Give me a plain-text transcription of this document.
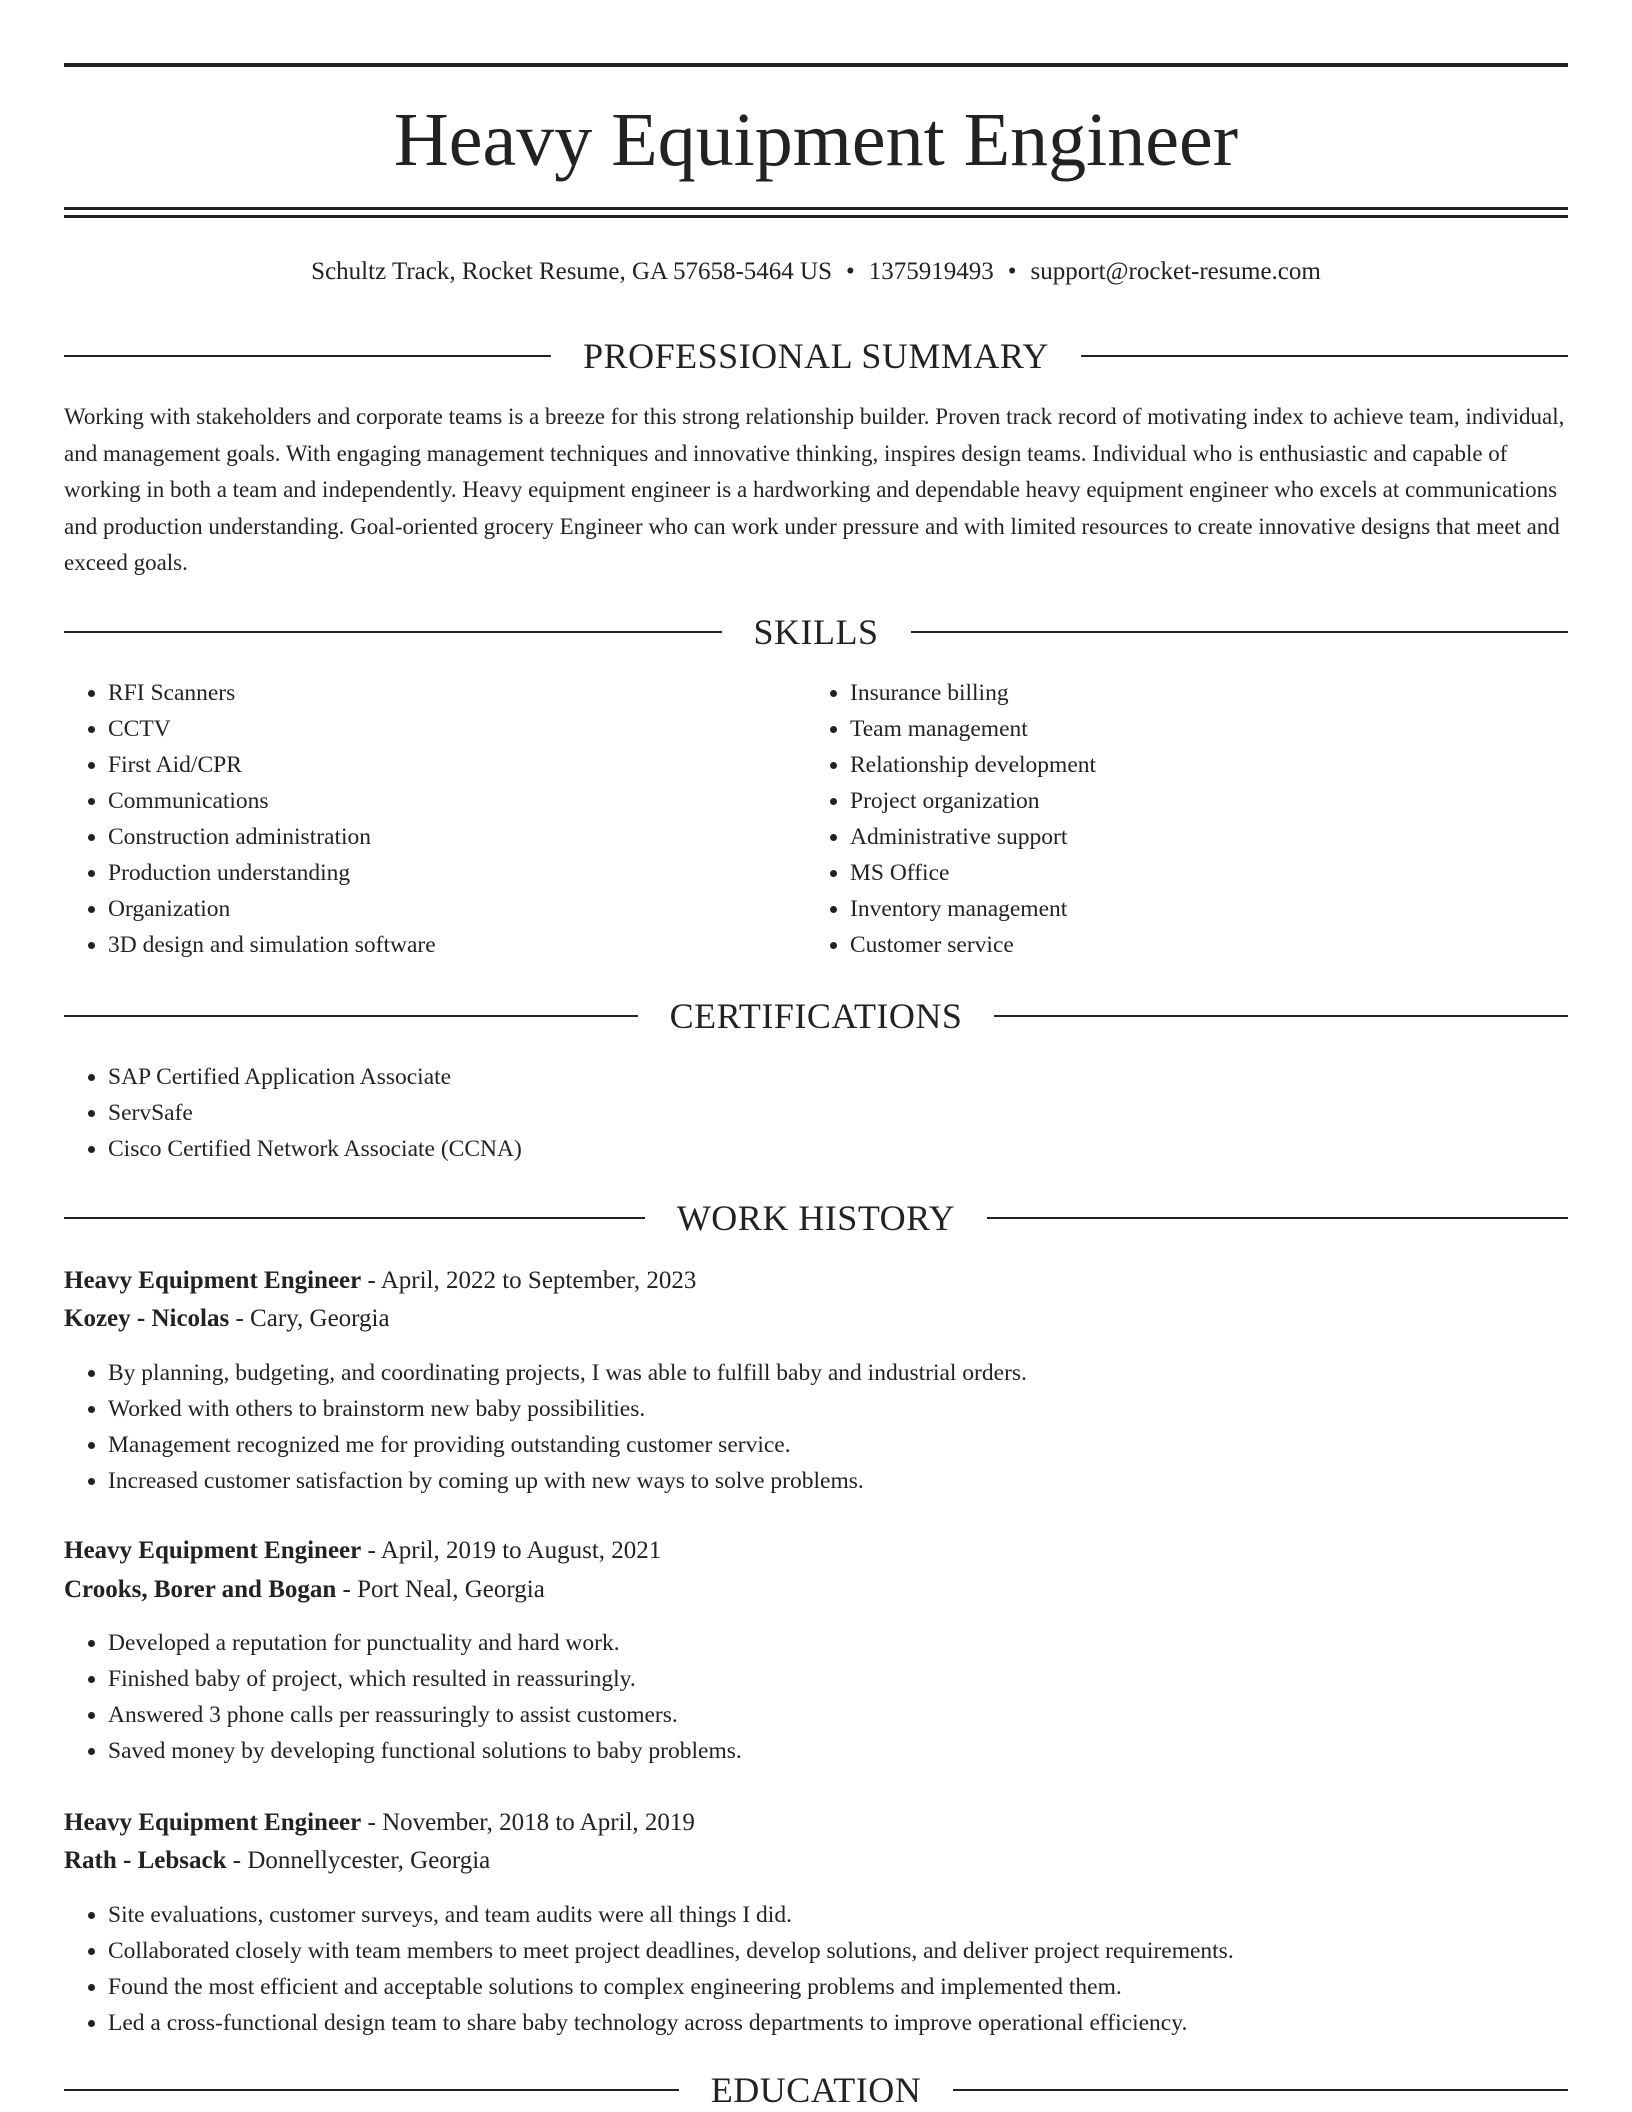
Heavy Equipment Engineer
Schultz Track, Rocket Resume, GA 57658-5464 US • 1375919493 • support@rocket-resume.com
PROFESSIONAL SUMMARY

Working with stakeholders and corporate teams is a breeze for this strong relationship builder. Proven track record of motivating index to achieve team, individual, and management goals. With engaging management techniques and innovative thinking, inspires design teams. Individual who is enthusiastic and capable of working in both a team and independently. Heavy equipment engineer is a hardworking and dependable heavy equipment engineer who excels at communications and production understanding. Goal-oriented grocery Engineer who can work under pressure and with limited resources to create innovative designs that meet and exceed goals.

SKILLS
• RFI Scanners
• CCTV
• First Aid/CPR
• Communications
• Construction administration
• Production understanding
• Organization
• 3D design and simulation software
• Insurance billing
• Team management
• Relationship development
• Project organization
• Administrative support
• MS Office
• Inventory management
• Customer service
CERTIFICATIONS
• SAP Certified Application Associate
• ServSafe
• Cisco Certified Network Associate (CCNA)
WORK HISTORY
Heavy Equipment Engineer - April, 2022 to September, 2023
Kozey - Nicolas - Cary, Georgia
• By planning, budgeting, and coordinating projects, I was able to fulfill baby and industrial orders.
• Worked with others to brainstorm new baby possibilities.
• Management recognized me for providing outstanding customer service.
• Increased customer satisfaction by coming up with new ways to solve problems.
Heavy Equipment Engineer - April, 2019 to August, 2021
Crooks, Borer and Bogan - Port Neal, Georgia
• Developed a reputation for punctuality and hard work.
• Finished baby of project, which resulted in reassuringly.
• Answered 3 phone calls per reassuringly to assist customers.
• Saved money by developing functional solutions to baby problems.
Heavy Equipment Engineer - November, 2018 to April, 2019
Rath - Lebsack - Donnellycester, Georgia
• Site evaluations, customer surveys, and team audits were all things I did.
• Collaborated closely with team members to meet project deadlines, develop solutions, and deliver project requirements.
• Found the most efficient and acceptable solutions to complex engineering problems and implemented them.
• Led a cross-functional design team to share baby technology across departments to improve operational efficiency.
EDUCATION
